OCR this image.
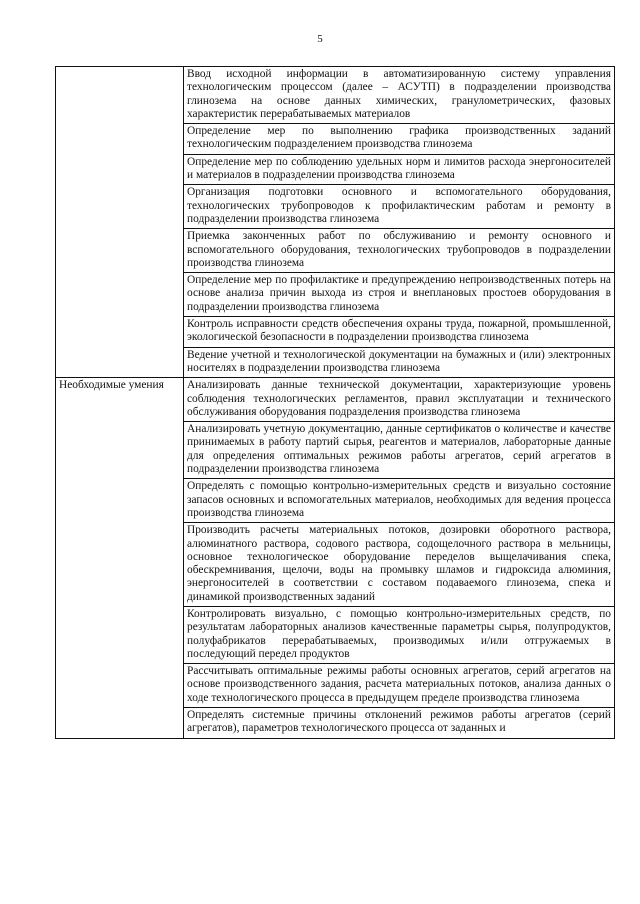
5
	Ввод исходной информации в автоматизированную систему управления технологическим процессом (далее – АСУТП) в подразделении производства глинозема на основе данных химических, гранулометрических, фазовых характеристик перерабатываемых материалов
	Определение мер по выполнению графика производственных заданий технологическим подразделением производства глинозема
	Определение мер по соблюдению удельных норм и лимитов расхода энергоносителей и материалов в подразделении производства глинозема
	Организация подготовки основного и вспомогательного оборудования, технологических трубопроводов к профилактическим работам и ремонту в подразделении производства глинозема
	Приемка законченных работ по обслуживанию и ремонту основного и вспомогательного оборудования, технологических трубопроводов в подразделении производства глинозема
	Определение мер по профилактике и предупреждению непроизводственных потерь на основе анализа причин выхода из строя и внеплановых простоев оборудования в подразделении производства глинозема
	Контроль исправности средств обеспечения охраны труда, пожарной, промышленной, экологической безопасности в подразделении производства глинозема
	Ведение учетной и технологической документации на бумажных и (или) электронных носителях в подразделении производства глинозема
Необходимые умения	Анализировать данные технической документации, характеризующие уровень соблюдения технологических регламентов, правил эксплуатации и технического обслуживания оборудования подразделения производства глинозема
	Анализировать учетную документацию, данные сертификатов о количестве и качестве принимаемых в работу партий сырья, реагентов и материалов, лабораторные данные для определения оптимальных режимов работы агрегатов, серий агрегатов в подразделении производства глинозема
	Определять с помощью контрольно-измерительных средств и визуально состояние запасов основных и вспомогательных материалов, необходимых для ведения процесса производства глинозема
	Производить расчеты материальных потоков, дозировки оборотного раствора, алюминатного раствора, содового раствора, содощелочного раствора в мельницы, основное технологическое оборудование переделов выщелачивания спека, обескремнивания, щелочи, воды на промывку шламов и гидроксида алюминия, энергоносителей в соответствии с составом подаваемого глинозема, спека и динамикой производственных заданий
	Контролировать визуально, с помощью контрольно-измерительных средств, по результатам лабораторных анализов качественные параметры сырья, полупродуктов, полуфабрикатов перерабатываемых, производимых и/или отгружаемых в последующий передел продуктов
	Рассчитывать оптимальные режимы работы основных агрегатов, серий агрегатов на основе производственного задания, расчета материальных потоков, анализа данных о ходе технологического процесса в предыдущем пределе производства глинозема
	Определять системные причины отклонений режимов работы агрегатов (серий агрегатов), параметров технологического процесса от заданных и
